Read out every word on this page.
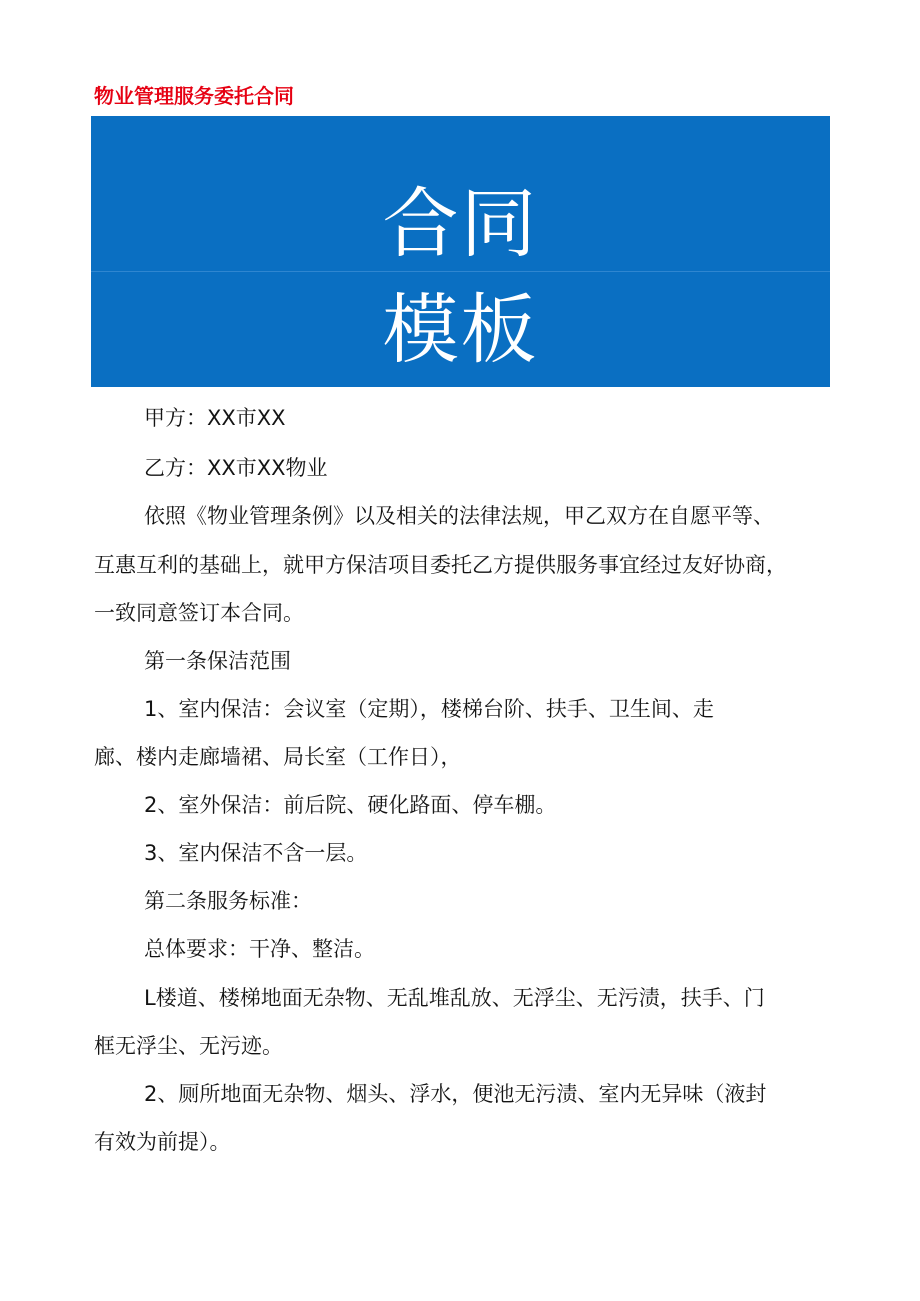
物业管理服务委托合同
合同
模板
甲方：XX市XX
乙方：XX市XX物业
依照《物业管理条例》以及相关的法律法规，甲乙双方在自愿平等、
互惠互利的基础上，就甲方保洁项目委托乙方提供服务事宜经过友好协商，
一致同意签订本合同。
第一条保洁范围
1、室内保洁：会议室（定期），楼梯台阶、扶手、卫生间、走
廊、楼内走廊墙裙、局长室（工作日），
2、室外保洁：前后院、硬化路面、停车棚。
3、室内保洁不含一层。
第二条服务标准：
总体要求：干净、整洁。
L楼道、楼梯地面无杂物、无乱堆乱放、无浮尘、无污渍，扶手、门
框无浮尘、无污迹。
2、厕所地面无杂物、烟头、浮水，便池无污渍、室内无异味（液封
有效为前提）。
